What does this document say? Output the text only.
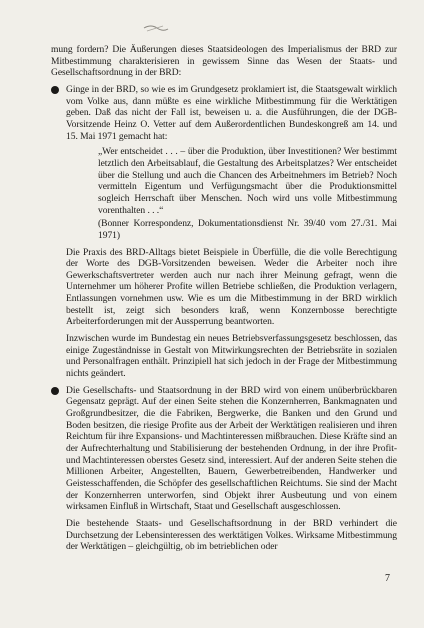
mung fordern? Die Äußerungen dieses Staatsideologen des Imperialismus der BRD zur Mitbestimmung charakterisieren in gewissem Sinne das Wesen der Staats- und Gesellschaftsordnung in der BRD:

Ginge in der BRD, so wie es im Grundgesetz proklamiert ist, die Staatsgewalt wirklich vom Volke aus, dann müßte es eine wirkliche Mitbestimmung für die Werktätigen geben. Daß das nicht der Fall ist, beweisen u. a. die Ausführungen, die der DGB-Vorsitzende Heinz O. Vetter auf dem Außerordentlichen Bundeskongreß am 14. und 15. Mai 1971 gemacht hat:

„Wer entscheidet . . . – über die Produktion, über Investitionen? Wer bestimmt letztlich den Arbeitsablauf, die Gestaltung des Arbeitsplatzes? Wer entscheidet über die Stellung und auch die Chancen des Arbeitnehmers im Betrieb? Noch vermitteln Eigentum und Verfügungsmacht über die Produktionsmittel sogleich Herrschaft über Menschen. Noch wird uns volle Mitbestimmung vorenthalten . . .“

(Bonner Korrespondenz, Dokumentationsdienst Nr. 39/40 vom 27./31. Mai 1971)

Die Praxis des BRD-Alltags bietet Beispiele in Überfülle, die die volle Berechtigung der Worte des DGB-Vorsitzenden beweisen. Weder die Arbeiter noch ihre Gewerkschaftsvertreter werden auch nur nach ihrer Meinung gefragt, wenn die Unternehmer um höherer Profite willen Betriebe schließen, die Produktion verlagern, Entlassungen vornehmen usw. Wie es um die Mitbestimmung in der BRD wirklich bestellt ist, zeigt sich besonders kraß, wenn Konzernbosse berechtigte Arbeiterforderungen mit der Aussperrung beantworten.

Inzwischen wurde im Bundestag ein neues Betriebsverfassungsgesetz beschlossen, das einige Zugeständnisse in Gestalt von Mitwirkungsrechten der Betriebsräte in sozialen und Personalfragen enthält. Prinzipiell hat sich jedoch in der Frage der Mitbestimmung nichts geändert.

Die Gesellschafts- und Staatsordnung in der BRD wird von einem unüberbrückbaren Gegensatz geprägt. Auf der einen Seite stehen die Konzernherren, Bankmagnaten und Großgrundbesitzer, die die Fabriken, Bergwerke, die Banken und den Grund und Boden besitzen, die riesige Profite aus der Arbeit der Werktätigen realisieren und ihren Reichtum für ihre Expansions- und Machtinteressen mißbrauchen. Diese Kräfte sind an der Aufrechterhaltung und Stabilisierung der bestehenden Ordnung, in der ihre Profit- und Machtinteressen oberstes Gesetz sind, interessiert. Auf der anderen Seite stehen die Millionen Arbeiter, Angestellten, Bauern, Gewerbetreibenden, Handwerker und Geistesschaffenden, die Schöpfer des gesellschaftlichen Reichtums. Sie sind der Macht der Konzernherren unterworfen, sind Objekt ihrer Ausbeutung und von einem wirksamen Einfluß in Wirtschaft, Staat und Gesellschaft ausgeschlossen.

Die bestehende Staats- und Gesellschaftsordnung in der BRD verhindert die Durchsetzung der Lebensinteressen des werktätigen Volkes. Wirksame Mitbestimmung der Werktätigen – gleichgültig, ob im betrieblichen oder

7
